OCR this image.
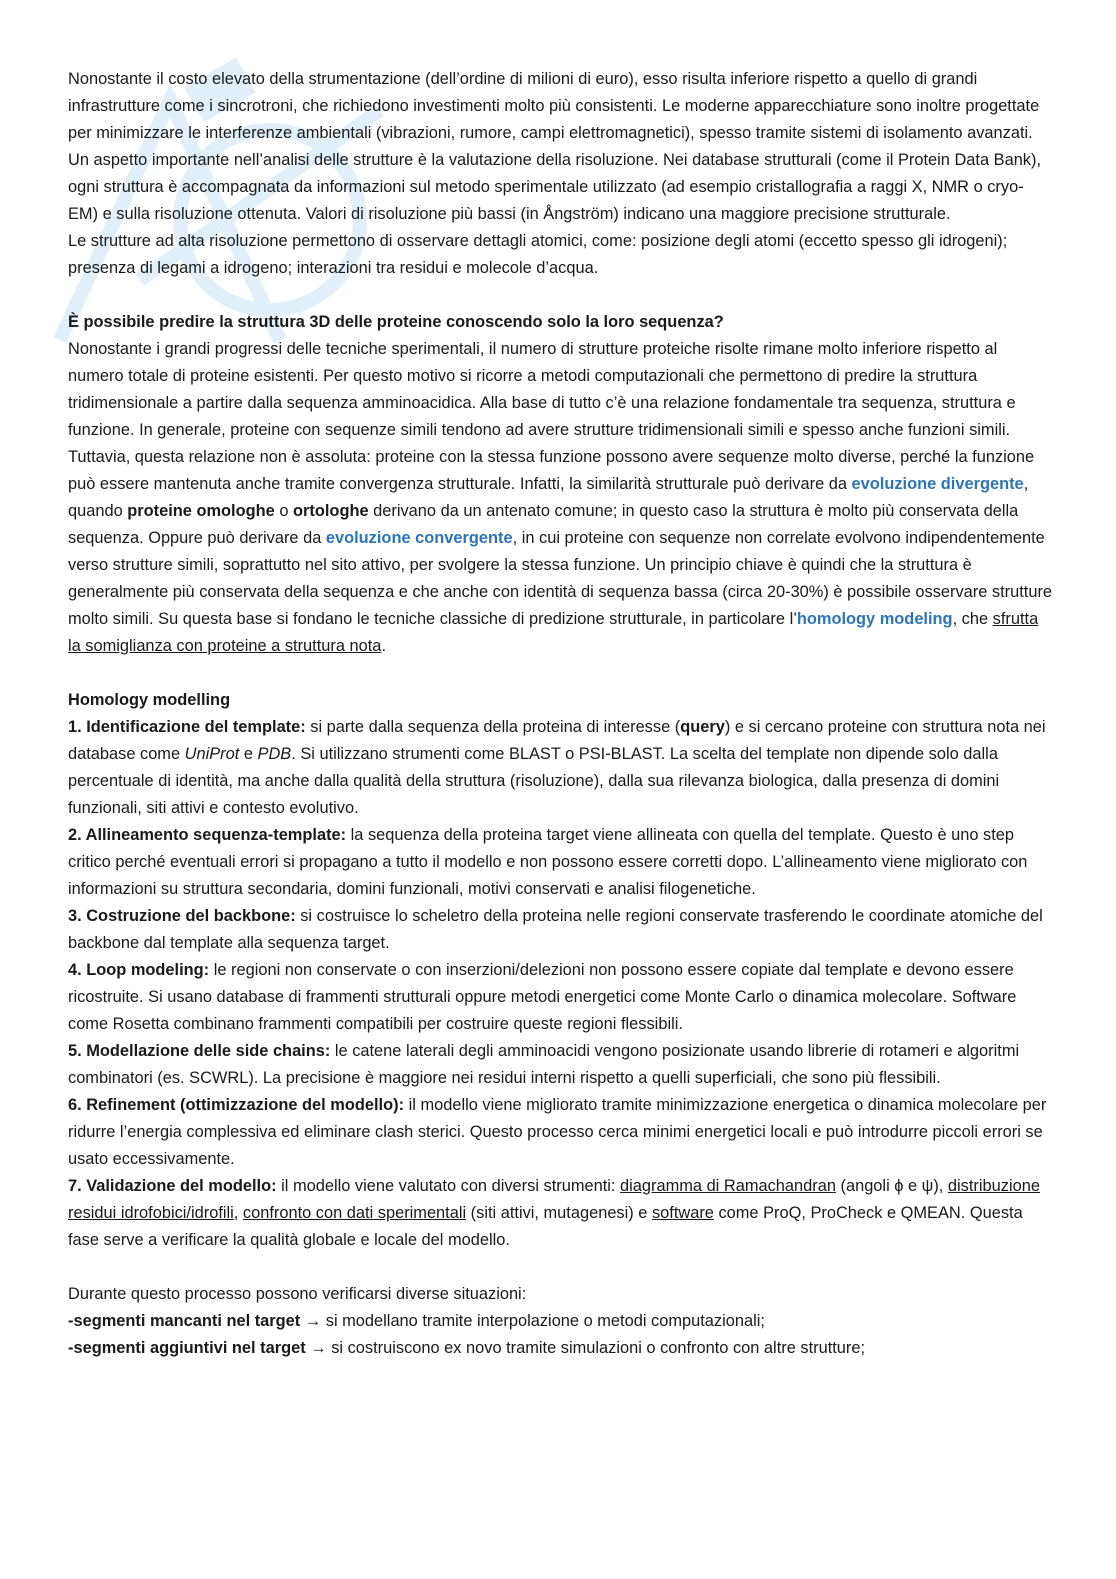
Nonostante il costo elevato della strumentazione (dell’ordine di milioni di euro), esso risulta inferiore rispetto a quello di grandi infrastrutture come i sincrotroni, che richiedono investimenti molto più consistenti. Le moderne apparecchiature sono inoltre progettate per minimizzare le interferenze ambientali (vibrazioni, rumore, campi elettromagnetici), spesso tramite sistemi di isolamento avanzati. Un aspetto importante nell’analisi delle strutture è la valutazione della risoluzione. Nei database strutturali (come il Protein Data Bank), ogni struttura è accompagnata da informazioni sul metodo sperimentale utilizzato (ad esempio cristallografia a raggi X, NMR o cryo-EM) e sulla risoluzione ottenuta. Valori di risoluzione più bassi (in Ångström) indicano una maggiore precisione strutturale.

Le strutture ad alta risoluzione permettono di osservare dettagli atomici, come: posizione degli atomi (eccetto spesso gli idrogeni); presenza di legami a idrogeno; interazioni tra residui e molecole d’acqua.

È possibile predire la struttura 3D delle proteine conoscendo solo la loro sequenza?

Nonostante i grandi progressi delle tecniche sperimentali, il numero di strutture proteiche risolte rimane molto inferiore rispetto al numero totale di proteine esistenti. Per questo motivo si ricorre a metodi computazionali che permettono di predire la struttura tridimensionale a partire dalla sequenza amminoacidica. Alla base di tutto c’è una relazione fondamentale tra sequenza, struttura e funzione. In generale, proteine con sequenze simili tendono ad avere strutture tridimensionali simili e spesso anche funzioni simili. Tuttavia, questa relazione non è assoluta: proteine con la stessa funzione possono avere sequenze molto diverse, perché la funzione può essere mantenuta anche tramite convergenza strutturale. Infatti, la similarità strutturale può derivare da evoluzione divergente, quando proteine omologhe o ortologhe derivano da un antenato comune; in questo caso la struttura è molto più conservata della sequenza. Oppure può derivare da evoluzione convergente, in cui proteine con sequenze non correlate evolvono indipendentemente verso strutture simili, soprattutto nel sito attivo, per svolgere la stessa funzione. Un principio chiave è quindi che la struttura è generalmente più conservata della sequenza e che anche con identità di sequenza bassa (circa 20-30%) è possibile osservare strutture molto simili. Su questa base si fondano le tecniche classiche di predizione strutturale, in particolare l’homology modeling, che sfrutta la somiglianza con proteine a struttura nota.

Homology modelling

1. Identificazione del template: si parte dalla sequenza della proteina di interesse (query) e si cercano proteine con struttura nota nei database come UniProt e PDB. Si utilizzano strumenti come BLAST o PSI-BLAST. La scelta del template non dipende solo dalla percentuale di identità, ma anche dalla qualità della struttura (risoluzione), dalla sua rilevanza biologica, dalla presenza di domini funzionali, siti attivi e contesto evolutivo.

2. Allineamento sequenza-template: la sequenza della proteina target viene allineata con quella del template. Questo è uno step critico perché eventuali errori si propagano a tutto il modello e non possono essere corretti dopo. L’allineamento viene migliorato con informazioni su struttura secondaria, domini funzionali, motivi conservati e analisi filogenetiche.

3. Costruzione del backbone: si costruisce lo scheletro della proteina nelle regioni conservate trasferendo le coordinate atomiche del backbone dal template alla sequenza target.

4. Loop modeling: le regioni non conservate o con inserzioni/delezioni non possono essere copiate dal template e devono essere ricostruite. Si usano database di frammenti strutturali oppure metodi energetici come Monte Carlo o dinamica molecolare. Software come Rosetta combinano frammenti compatibili per costruire queste regioni flessibili.

5. Modellazione delle side chains: le catene laterali degli amminoacidi vengono posizionate usando librerie di rotameri e algoritmi combinatori (es. SCWRL). La precisione è maggiore nei residui interni rispetto a quelli superficiali, che sono più flessibili.

6. Refinement (ottimizzazione del modello): il modello viene migliorato tramite minimizzazione energetica o dinamica molecolare per ridurre l’energia complessiva ed eliminare clash sterici. Questo processo cerca minimi energetici locali e può introdurre piccoli errori se usato eccessivamente.

7. Validazione del modello: il modello viene valutato con diversi strumenti: diagramma di Ramachandran (angoli ϕ e ψ), distribuzione residui idrofobici/idrofili, confronto con dati sperimentali (siti attivi, mutagenesi) e software come ProQ, ProCheck e QMEAN. Questa fase serve a verificare la qualità globale e locale del modello.

Durante questo processo possono verificarsi diverse situazioni:

-segmenti mancanti nel target → si modellano tramite interpolazione o metodi computazionali;

-segmenti aggiuntivi nel target → si costruiscono ex novo tramite simulazioni o confronto con altre strutture;
